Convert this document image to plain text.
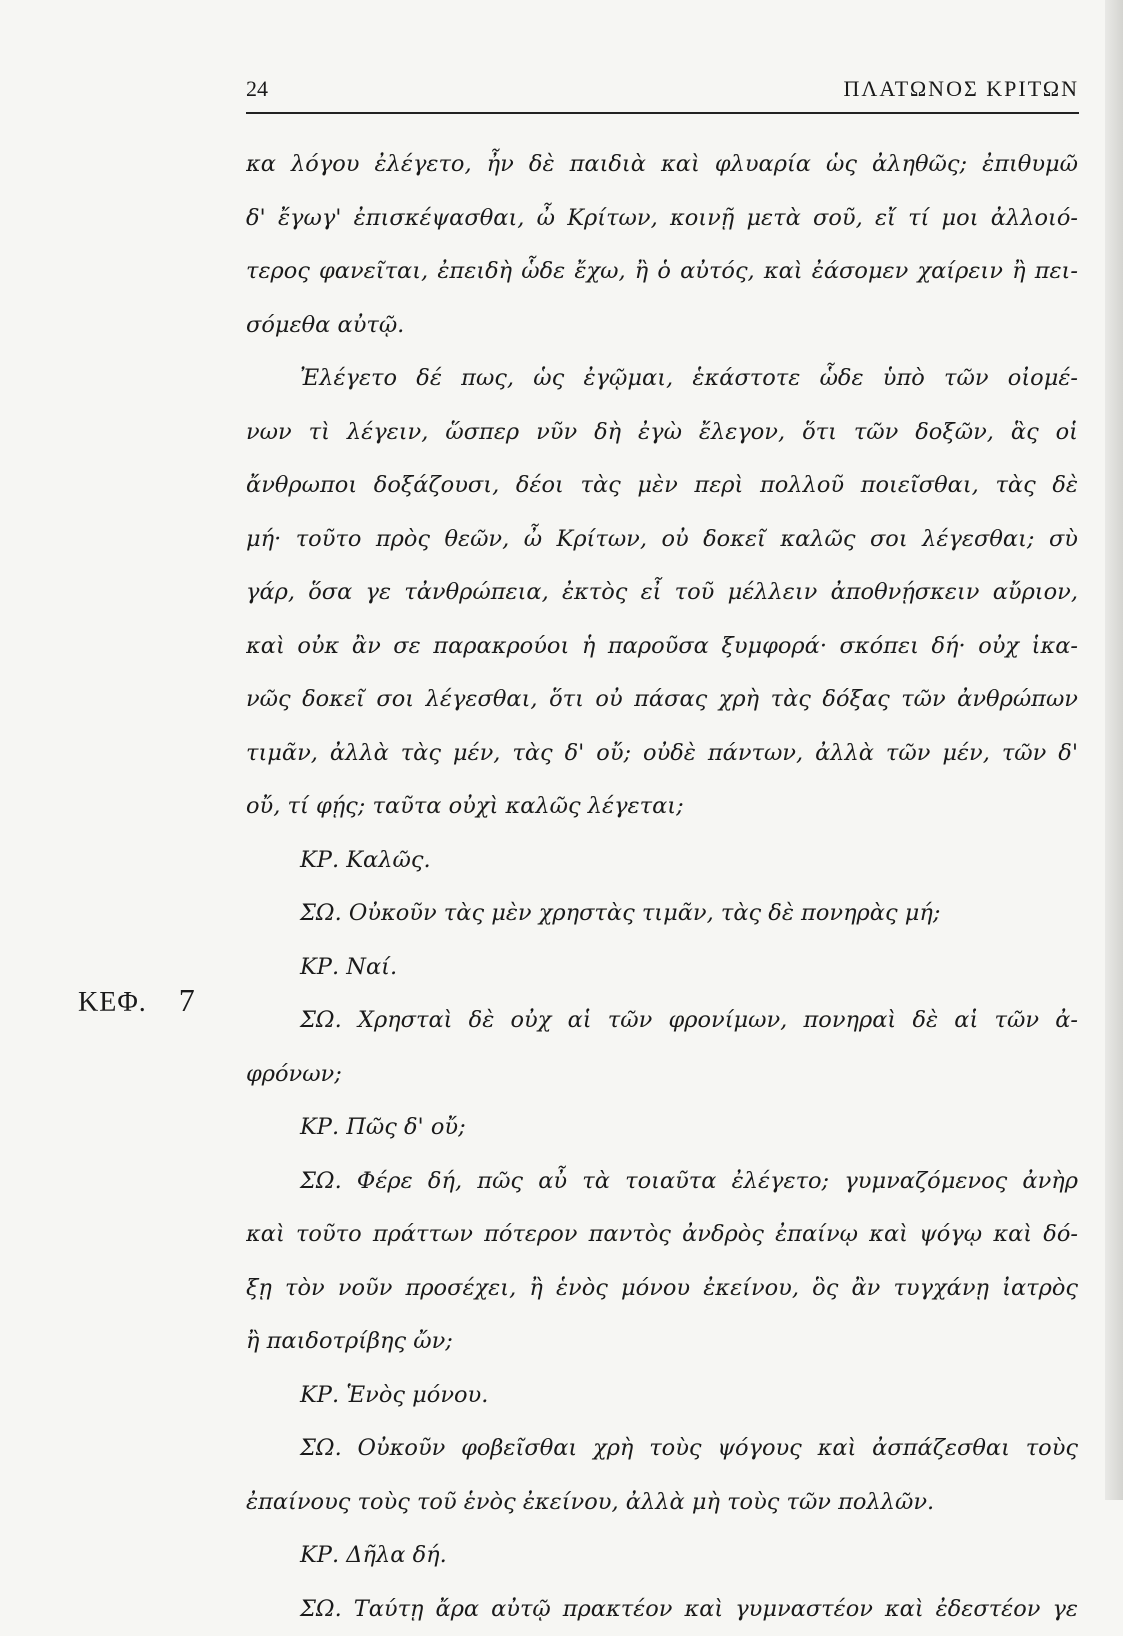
24	ΠΛΑΤΩΝΟΣ ΚΡΙΤΩΝ
ΚΕΦ. 7
κα λόγου ἐλέγετο, ἦν δὲ παιδιὰ καὶ φλυαρία ὡς ἀληθῶς; ἐπιθυμῶ
δ' ἔγωγ' ἐπισκέψασθαι, ὦ Κρίτων, κοινῇ μετὰ σοῦ, εἴ τί μοι ἀλλοιό-
τερος φανεῖται, ἐπειδὴ ὧδε ἔχω, ἢ ὁ αὐτός, καὶ ἐάσομεν χαίρειν ἢ πει-
σόμεθα αὐτῷ.
Ἐλέγετο δέ πως, ὡς ἐγῷμαι, ἑκάστοτε ὧδε ὑπὸ τῶν οἰομέ-
νων τὶ λέγειν, ὥσπερ νῦν δὴ ἐγὼ ἔλεγον, ὅτι τῶν δοξῶν, ἃς οἱ
ἄνθρωποι δοξάζουσι, δέοι τὰς μὲν περὶ πολλοῦ ποιεῖσθαι, τὰς δὲ
μή· τοῦτο πρὸς θεῶν, ὦ Κρίτων, οὐ δοκεῖ καλῶς σοι λέγεσθαι; σὺ
γάρ, ὅσα γε τἀνθρώπεια, ἐκτὸς εἶ τοῦ μέλλειν ἀποθνῄσκειν αὔριον,
καὶ οὐκ ἂν σε παρακρούοι ἡ παροῦσα ξυμφορά· σκόπει δή· οὐχ ἱκα-
νῶς δοκεῖ σοι λέγεσθαι, ὅτι οὐ πάσας χρὴ τὰς δόξας τῶν ἀνθρώπων
τιμᾶν, ἀλλὰ τὰς μέν, τὰς δ' οὔ; οὐδὲ πάντων, ἀλλὰ τῶν μέν, τῶν δ'
οὔ, τί φῄς; ταῦτα οὐχὶ καλῶς λέγεται;
ΚΡ. Καλῶς.
ΣΩ. Οὐκοῦν τὰς μὲν χρηστὰς τιμᾶν, τὰς δὲ πονηρὰς μή;
ΚΡ. Ναί.
ΣΩ. Χρησταὶ δὲ οὐχ αἱ τῶν φρονίμων, πονηραὶ δὲ αἱ τῶν ἀ-
φρόνων;
ΚΡ. Πῶς δ' οὔ;
ΣΩ. Φέρε δή, πῶς αὖ τὰ τοιαῦτα ἐλέγετο; γυμναζόμενος ἀνὴρ
καὶ τοῦτο πράττων πότερον παντὸς ἀνδρὸς ἐπαίνῳ καὶ ψόγῳ καὶ δό-
ξῃ τὸν νοῦν προσέχει, ἢ ἑνὸς μόνου ἐκείνου, ὃς ἂν τυγχάνῃ ἰατρὸς
ἢ παιδοτρίβης ὤν;
ΚΡ. Ἑνὸς μόνου.
ΣΩ. Οὐκοῦν φοβεῖσθαι χρὴ τοὺς ψόγους καὶ ἀσπάζεσθαι τοὺς
ἐπαίνους τοὺς τοῦ ἑνὸς ἐκείνου, ἀλλὰ μὴ τοὺς τῶν πολλῶν.
ΚΡ. Δῆλα δή.
ΣΩ. Ταύτῃ ἄρα αὐτῷ πρακτέον καὶ γυμναστέον καὶ ἐδεστέον γε
